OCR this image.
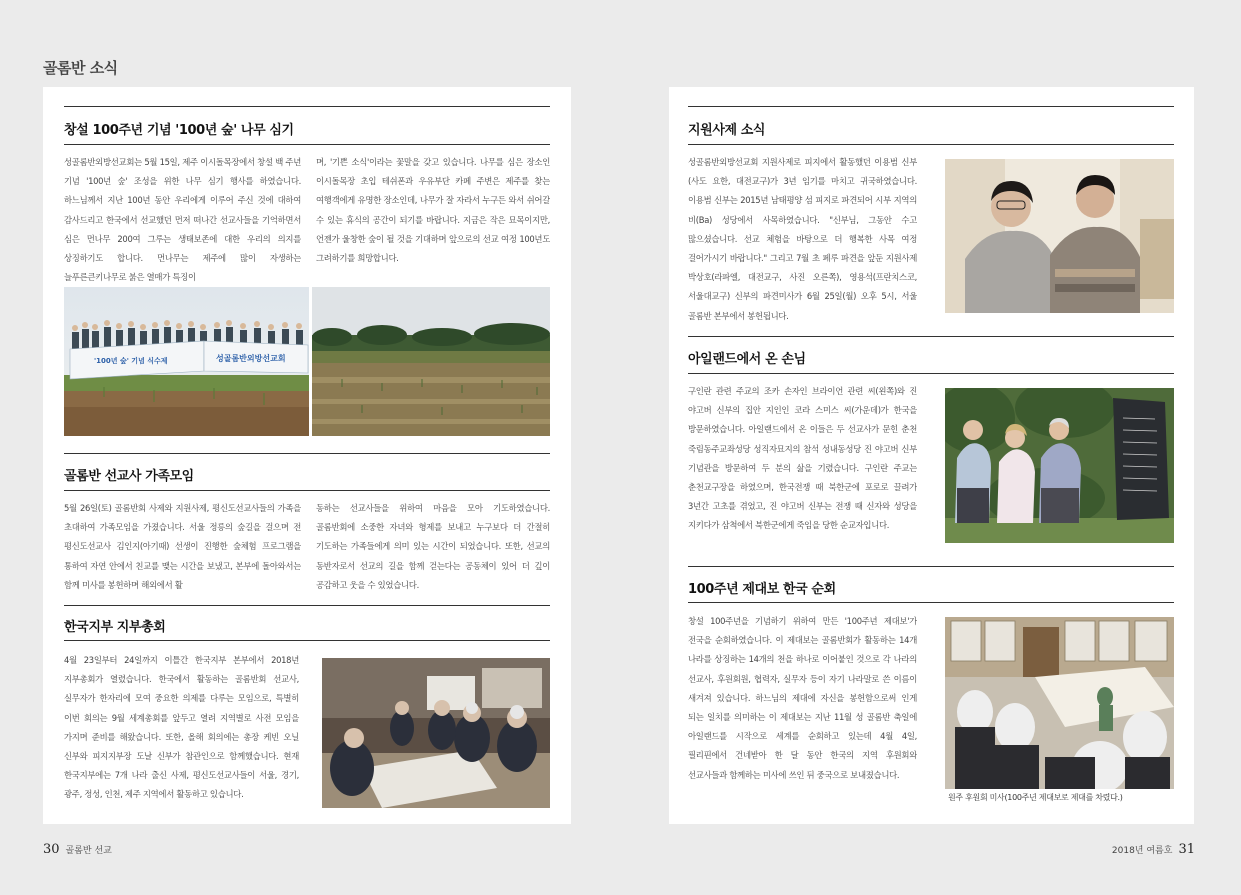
골롬반 소식
창설 100주년 기념 '100년 숲' 나무 심기
성골롬반외방선교회는 5월 15일, 제주 이시돌목장에서 창설 백 주년 기념 '100년 숲' 조성을 위한 나무 심기 행사를 하였습니다. 하느님께서 지난 100년 동안 우리에게 이루어 주신 것에 대하여 감사드리고 한국에서 선교했던 먼저 떠나간 선교사들을 기억하면서 심은 먼나무 200여 그루는 생태보존에 대한 우리의 의지를 상징하기도 합니다. 먼나무는 제주에 많이 자생하는 늘푸른큰키나무로 붉은 열매가 특징이
며, '기쁜 소식'이라는 꽃말을 갖고 있습니다. 나무를 심은 장소인 이시돌목장 초입 테쉬폰과 우유부단 카페 주변은 제주를 찾는 여행객에게 유명한 장소인데, 나무가 잘 자라서 누구든 와서 쉬어갈 수 있는 휴식의 공간이 되기를 바랍니다. 지금은 작은 묘목이지만, 언젠가 울창한 숲이 될 것을 기대하며 앞으로의 선교 여정 100년도 그려하기를 희망합니다.
'100년 숲' 기념 식수제	성골롬반외방선교회
골롬반 선교사 가족모임
5월 26일(토) 골롬반회 사제와 지원사제, 평신도선교사들의 가족을 초대하여 가족모임을 가졌습니다. 서울 정릉의 숲길을 걸으며 전 평신도선교사 김인지(아기때) 선생이 진행한 숲체험 프로그램을 통하여 자연 안에서 친교를 맺는 시간을 보냈고, 본부에 돌아와서는 함께 미사를 봉헌하며 해외에서 활
동하는 선교사들을 위하여 마음을 모아 기도하였습니다. 골롬반회에 소중한 자녀와 형제를 보내고 누구보다 더 간절히 기도하는 가족들에게 의미 있는 시간이 되었습니다. 또한, 선교의 동반자로서 선교의 길을 함께 걷는다는 공동체이 있어 더 깊이 공감하고 웃을 수 있었습니다.
한국지부 지부총회
4월 23일부터 24일까지 이틀간 한국지부 본부에서 2018년 지부총회가 열렸습니다. 한국에서 활동하는 골롬반회 선교사, 실무자가 한자리에 모여 중요한 의제를 다루는 모임으로, 특별히 이번 회의는 9월 세계총회를 앞두고 열려 지역별로 사전 모임을 가지며 준비를 해왔습니다. 또한, 올해 회의에는 총장 케빈 오닐 신부와 피지지부장 도날 신부가 참관인으로 함께했습니다. 현재 한국지부에는 7개 나라 출신 사제, 평신도선교사들이 서울, 경기, 광주, 정성, 인천, 제주 지역에서 활동하고 있습니다.
지원사제 소식
성골롬반외방선교회 지원사제로 피지에서 활동했던 이용범 신부(사도 요한, 대전교구)가 3년 임기를 마치고 귀국하였습니다. 이용범 신부는 2015년 남태평양 섬 피지로 파견되어 시부 지역의 비(Ba) 성당에서 사목하였습니다. "신부님, 그동안 수고 많으셨습니다. 선교 체험을 바탕으로 더 행복한 사목 여정 걸어가시기 바랍니다." 그리고 7월 초 페루 파견을 앞둔 지원사제 박상호(라파엘, 대전교구, 사진 오른쪽), 영용석(프란치스코, 서울대교구) 신부의 파견미사가 6월 25일(월) 오후 5시, 서울 골롬반 본부에서 봉헌됩니다.
아일랜드에서 온 손님
구인란 관련 주교의 조카 손자인 브라이언 관련 씨(왼쪽)와 진 야고버 신부의 집안 지인인 코라 스미스 씨(가운데)가 한국을 방문하였습니다. 아일랜드에서 온 이들은 두 선교사가 문힌 춘천 죽림동주교좌성당 성직자묘지의 참석 성내동성당 진 야고버 신부 기념관을 방문하여 두 분의 삶을 기렸습니다. 구인란 주교는 춘천교구장을 하였으며, 한국전쟁 때 북한군에 포로로 끌려가 3년간 고초를 겪었고, 진 야고버 신부는 전쟁 때 신자와 성당을 지키다가 삼척에서 북한군에게 죽임을 당한 순교자입니다.
100주년 제대보 한국 순회
창설 100주년을 기념하기 위하여 만든 '100주년 제대보'가 전국을 순회하였습니다. 이 제대보는 골롬반회가 활동하는 14개 나라를 상징하는 14개의 천을 하나로 이어붙인 것으로 각 나라의 선교사, 후원회원, 협력자, 실무자 등이 자기 나라말로 쓴 이름이 새겨져 있습니다. 하느님의 제대에 자신을 봉헌함으로써 인게 되는 일치를 의미하는 이 제대보는 지난 11월 성 골롬반 축일에 아일랜드를 시작으로 세계를 순회하고 있는데 4월 4일, 필리핀에서 건네받아 한 달 동안 한국의 지역 후원회와 선교사들과 함께하는 미사에 쓰인 뒤 중국으로 보내졌습니다.
원주 후원회 미사(100주년 제대보로 제대를 차렸다.)
30 골롬반 선교	2018년 여름호 31
